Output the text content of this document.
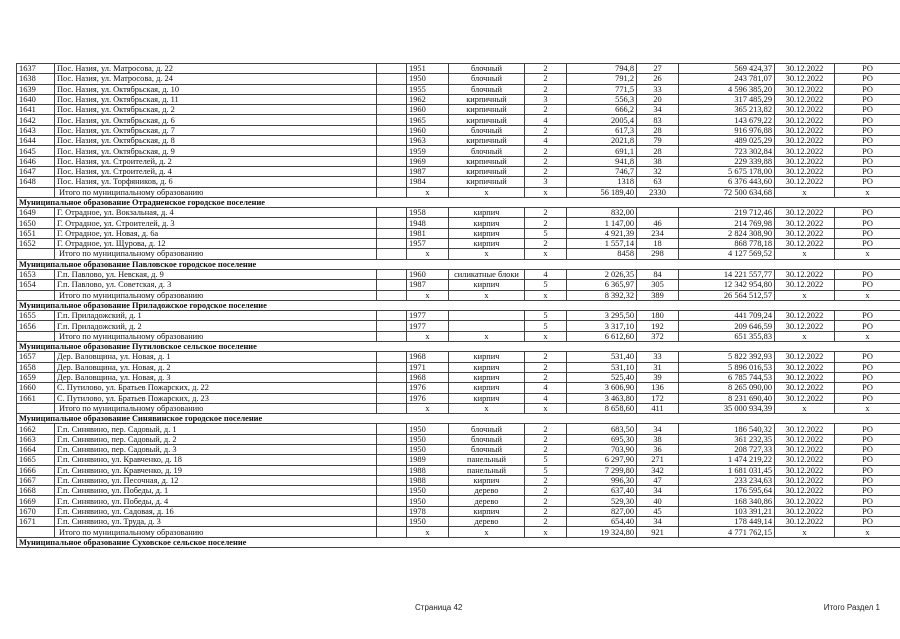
1637	Пос. Назия, ул. Матросова, д. 22		1951	блочный	2	794,8	27	569 424,37	30.12.2022	РО
1638	Пос. Назия, ул. Матросова, д. 24		1950	блочный	2	791,2	26	243 781,07	30.12.2022	РО
1639	Пос. Назия, ул. Октябрьская, д. 10		1955	блочный	2	771,5	33	4 596 385,20	30.12.2022	РО
1640	Пос. Назия, ул. Октябрьская, д. 11		1962	кирпичный	3	556,3	20	317 485,29	30.12.2022	РО
1641	Пос. Назия, ул. Октябрьская, д. 2		1960	кирпичный	2	666,2	34	365 213,82	30.12.2022	РО
1642	Пос. Назия, ул. Октябрьская, д. 6		1965	кирпичный	4	2005,4	83	143 679,22	30.12.2022	РО
1643	Пос. Назия, ул. Октябрьская, д. 7		1960	блочный	2	617,3	28	916 976,88	30.12.2022	РО
1644	Пос. Назия, ул. Октябрьская, д. 8		1963	кирпичный	4	2021,8	79	489 025,29	30.12.2022	РО
1645	Пос. Назия, ул. Октябрьская, д. 9		1959	блочный	2	691,1	28	723 302,84	30.12.2022	РО
1646	Пос. Назия, ул. Строителей, д. 2		1969	кирпичный	2	941,8	38	229 339,88	30.12.2022	РО
1647	Пос. Назия, ул. Строителей, д. 4		1987	кирпичный	2	746,7	32	5 675 178,00	30.12.2022	РО
1648	Пос. Назия, ул. Торфяников, д. 6		1984	кирпичный	3	1318	63	6 376 443,60	30.12.2022	РО
	Итого по муниципальному образованию		х	х	х	56 189,40	2330	72 500 634,68	х	х
Муниципальное образование Отрадненское городское поселение										
1649	Г. Отрадное, ул. Вокзальная, д. 4		1958	кирпич	2	832,00		219 712,46	30.12.2022	РО
1650	Г. Отрадное, ул. Строителей, д. 3		1948	кирпич	2	1 147,00	46	214 769,98	30.12.2022	РО
1651	Г. Отрадное, ул. Новая, д. 6а		1981	кирпич	5	4 921,39	234	2 824 308,90	30.12.2022	РО
1652	Г. Отрадное, ул. Щурова, д. 12		1957	кирпич	2	1 557,14	18	868 778,18	30.12.2022	РО
	Итого по муниципальному образованию		х	х	х	8458	298	4 127 569,52	х	х
Муниципальное образование Павловское городское поселение										
1653	Г.п. Павлово, ул. Невская, д. 9		1960	силикатные блоки	4	2 026,35	84	14 221 557,77	30.12.2022	РО
1654	Г.п. Павлово, ул. Советская, д. 3		1987	кирпич	5	6 365,97	305	12 342 954,80	30.12.2022	РО
	Итого по муниципальному образованию		х	х	х	8 392,32	389	26 564 512,57	х	х
Муниципальное образование Приладожское городское поселение										
1655	Г.п. Приладожский, д. 1		1977		5	3 295,50	180	441 709,24	30.12.2022	РО
1656	Г.п. Приладожский, д. 2		1977		5	3 317,10	192	209 646,59	30.12.2022	РО
	Итого по муниципальному образованию		х	х	х	6 612,60	372	651 355,83	х	х
Муниципальное образование Путиловское сельское поселение										
1657	Дер. Валовщина, ул. Новая, д. 1		1968	кирпич	2	531,40	33	5 822 392,93	30.12.2022	РО
1658	Дер. Валовщина, ул. Новая, д. 2		1971	кирпич	2	531,10	31	5 896 016,53	30.12.2022	РО
1659	Дер. Валовщина, ул. Новая, д. 3		1968	кирпич	2	525,40	39	6 785 744,53	30.12.2022	РО
1660	С. Путилово, ул. Братьев Пожарских, д. 22		1976	кирпич	4	3 606,90	136	8 265 090,00	30.12.2022	РО
1661	С. Путилово, ул. Братьев Пожарских, д. 23		1976	кирпич	4	3 463,80	172	8 231 690,40	30.12.2022	РО
	Итого по муниципальному образованию		х	х	х	8 658,60	411	35 000 934,39	х	х
Муниципальное образование Синявинское городское поселение										
1662	Г.п. Синявино, пер. Садовый, д. 1		1950	блочный	2	683,50	34	186 540,32	30.12.2022	РО
1663	Г.п. Синявино, пер. Садовый, д. 2		1950	блочный	2	695,30	38	361 232,35	30.12.2022	РО
1664	Г.п. Синявино, пер. Садовый, д. 3		1950	блочный	2	703,90	36	208 727,33	30.12.2022	РО
1665	Г.п. Синявино, ул. Кравченко, д. 18		1989	панельный	5	6 297,90	271	1 474 219,22	30.12.2022	РО
1666	Г.п. Синявино, ул. Кравченко, д. 19		1988	панельный	5	7 299,80	342	1 681 031,45	30.12.2022	РО
1667	Г.п. Синявино, ул. Песочная, д. 12		1988	кирпич	2	996,30	47	233 234,63	30.12.2022	РО
1668	Г.п. Синявино, ул. Победы, д. 1		1950	дерево	2	637,40	34	176 595,64	30.12.2022	РО
1669	Г.п. Синявино, ул. Победы, д. 4		1950	дерево	2	529,30	40	168 340,86	30.12.2022	РО
1670	Г.п. Синявино, ул. Садовая, д. 16		1978	кирпич	2	827,00	45	103 391,21	30.12.2022	РО
1671	Г.п. Синявино, ул. Труда, д. 3		1950	дерево	2	654,40	34	178 449,14	30.12.2022	РО
	Итого по муниципальному образованию		х	х	х	19 324,80	921	4 771 762,15	х	х
Муниципальное образование Суховское сельское поселение										
Страница 42	Итого Раздел 1
